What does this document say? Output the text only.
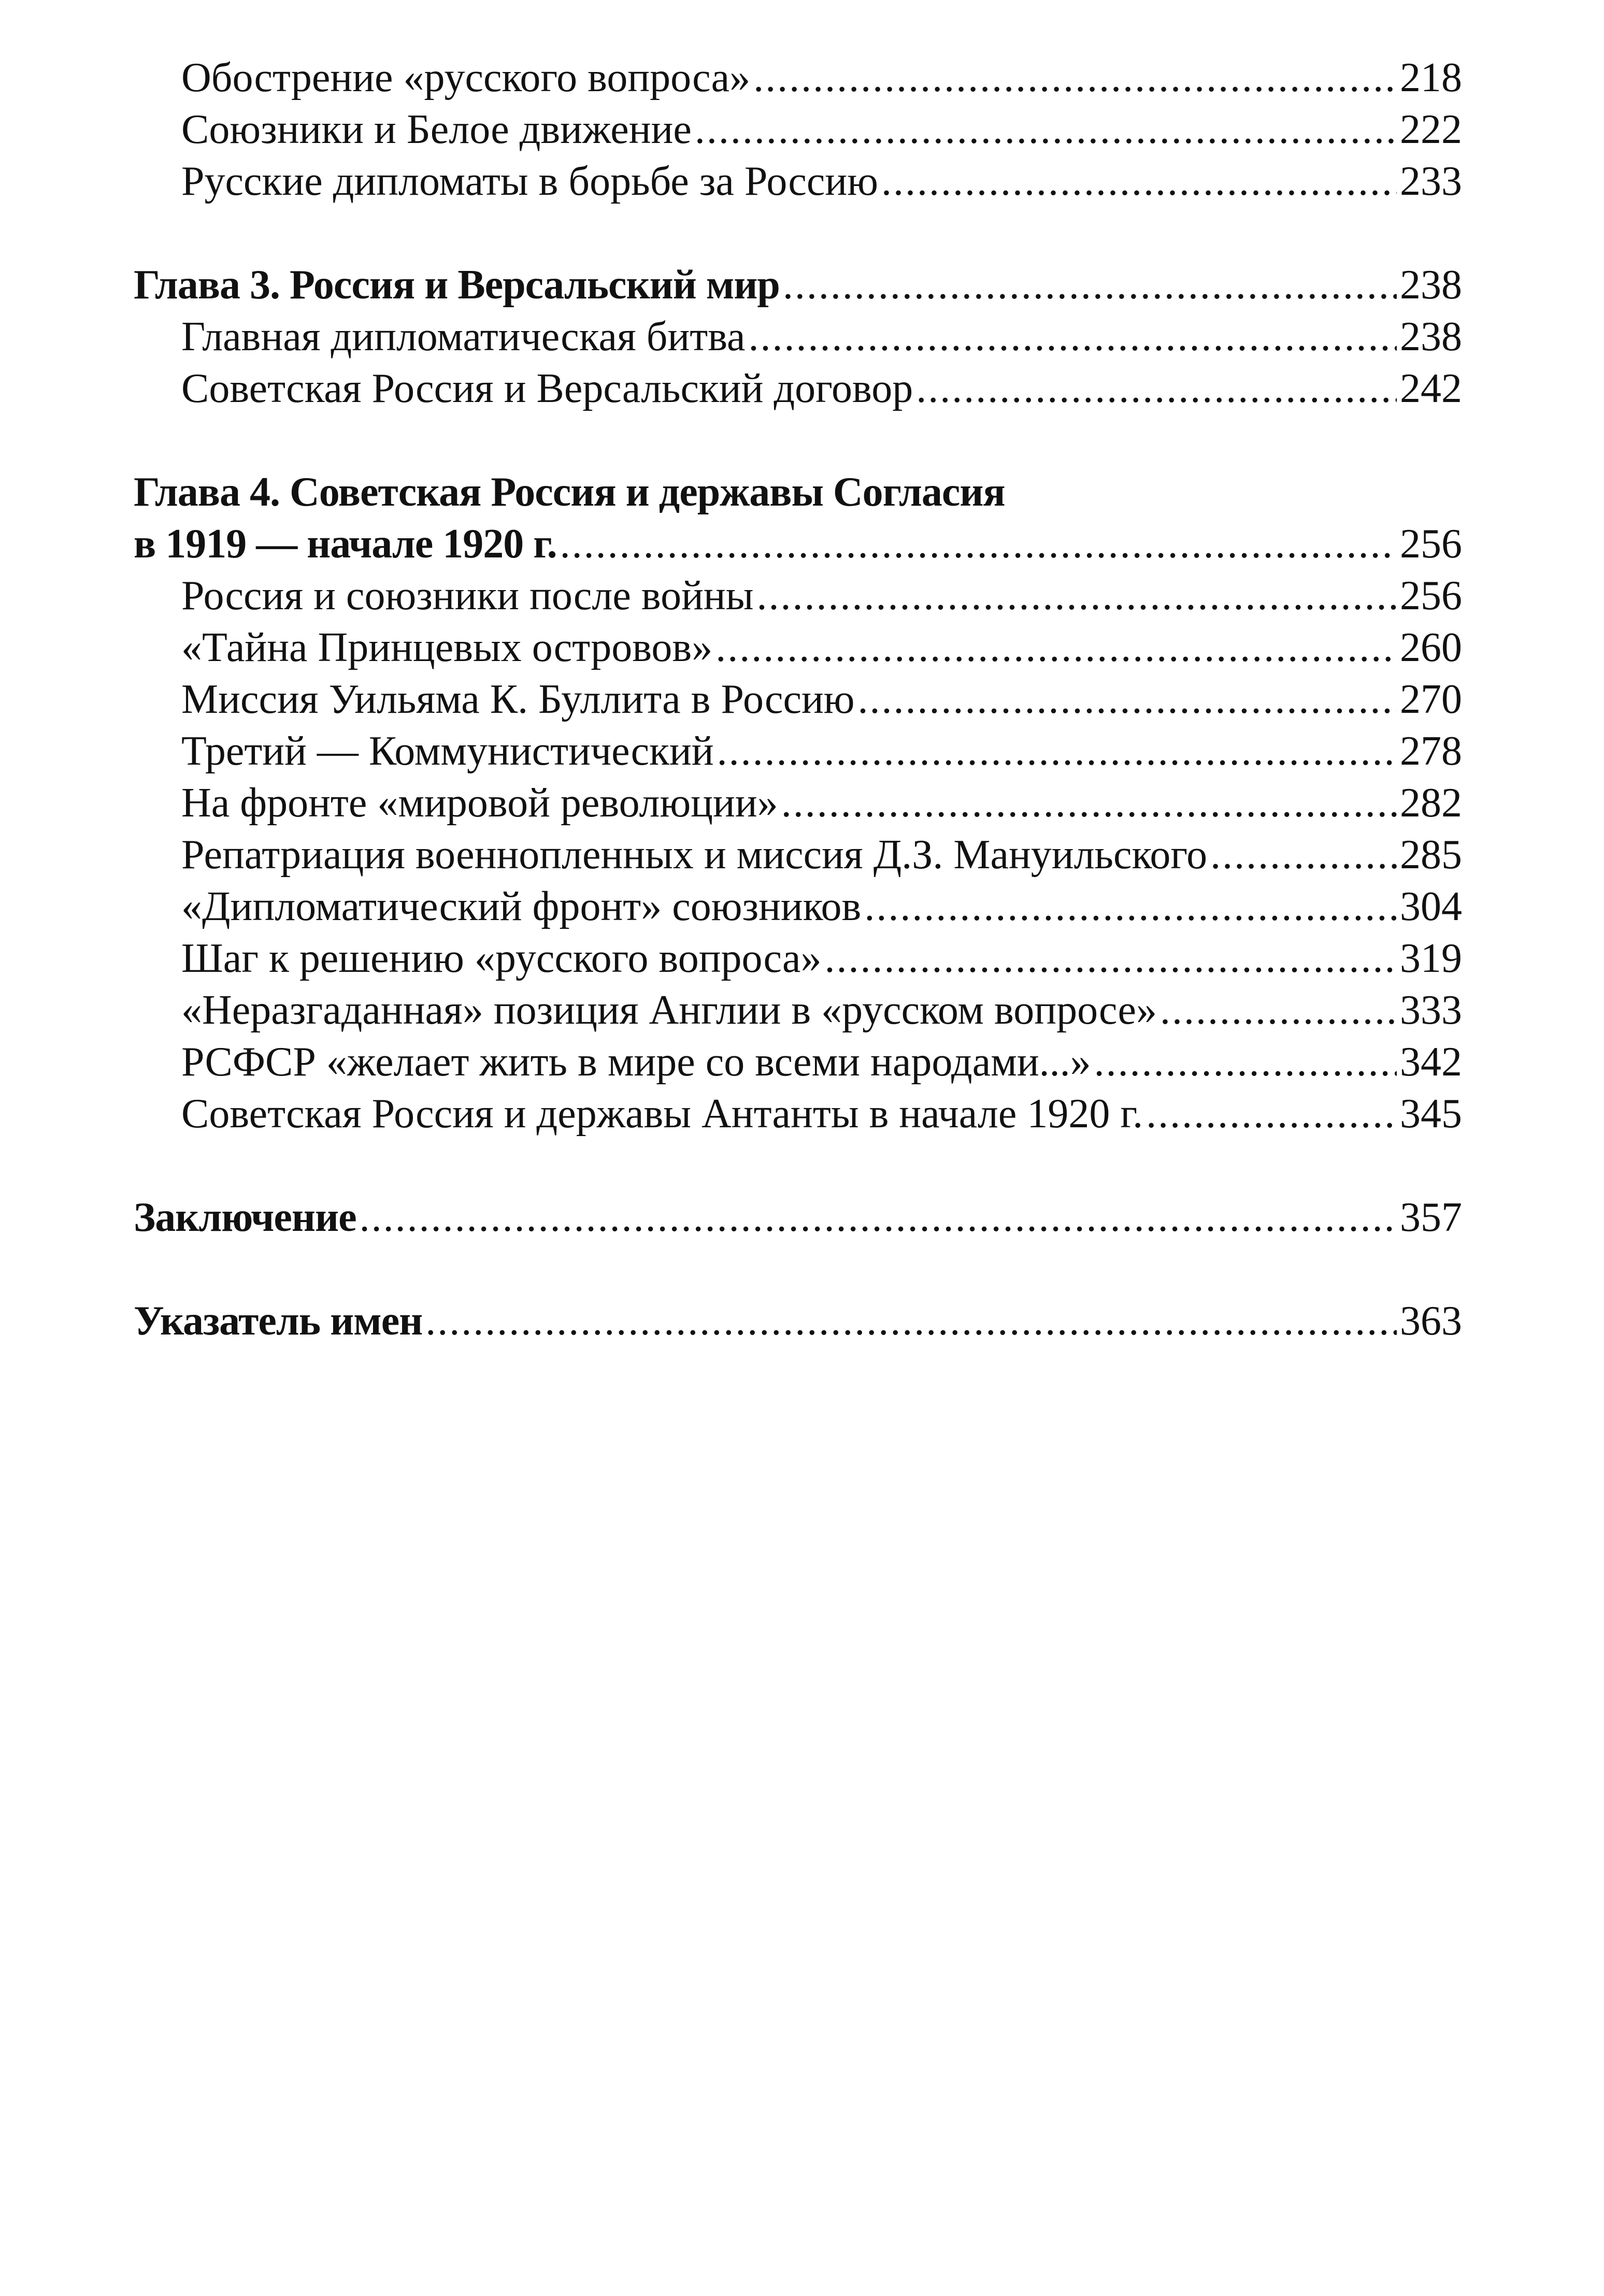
Обострение «русского вопроса» .....	218
Союзники и Белое движение .....	222
Русские дипломаты в борьбе за Россию .....	233
Глава 3. Россия и Версальский мир .....	238
Главная дипломатическая битва .....	238
Советская Россия и Версальский договор .....	242
Глава 4. Советская Россия и державы Согласия
в 1919 — начале 1920 г. .....	256
Россия и союзники после войны .....	256
«Тайна Принцевых островов» .....	260
Миссия Уильяма К. Буллита в Россию .....	270
Третий — Коммунистический .....	278
На фронте «мировой революции» .....	282
Репатриация военнопленных и миссия Д.З. Мануильского .....	285
«Дипломатический фронт» союзников .....	304
Шаг к решению «русского вопроса» .....	319
«Неразгаданная» позиция Англии в «русском вопросе» .....	333
РСФСР «желает жить в мире со всеми народами...» .....	342
Советская Россия и державы Антанты в начале 1920 г. .....	345
Заключение .....	357
Указатель имен .....	363
